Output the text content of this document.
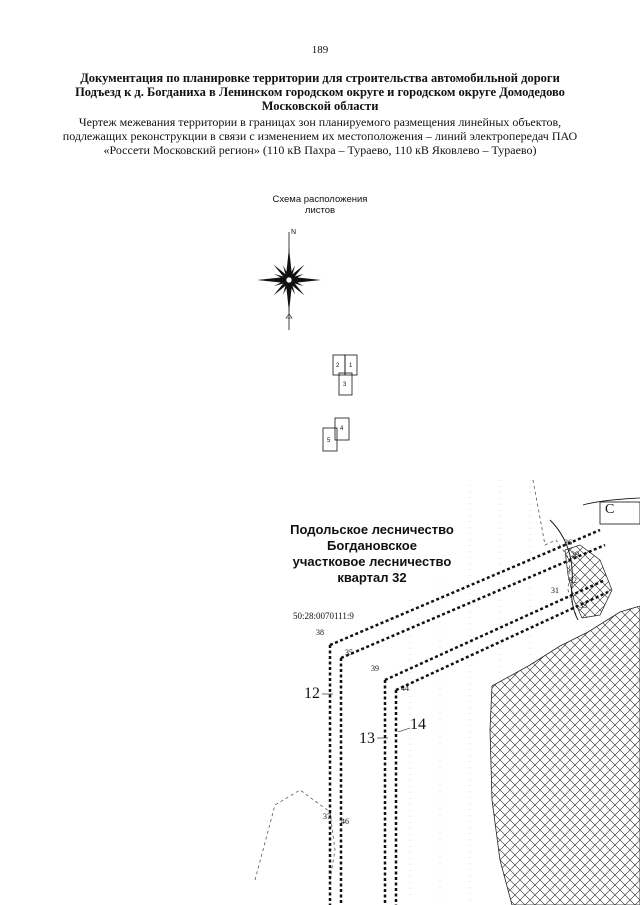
189
Документация по планировке территории для строительства автомобильной дороги Подъезд к д. Богданиха в Ленинском городском округе и городском округе Домодедово Московской области
Чертеж межевания территории в границах зон планируемого размещения линейных объектов, подлежащих реконструкции в связи с изменением их местоположения – линий электропередач ПАО «Россети Московский регион» (110 кВ Пахра – Тураево, 110 кВ Яковлево – Тураево)
Схема расположения листов
N
2 1
3
4
5
Подольское лесничество
Богдановское
участковое лесничество
квартал 32
50:28:0070111:9
26
29
31
32
33
35
37
38
39
44
46
12
13
14
С
